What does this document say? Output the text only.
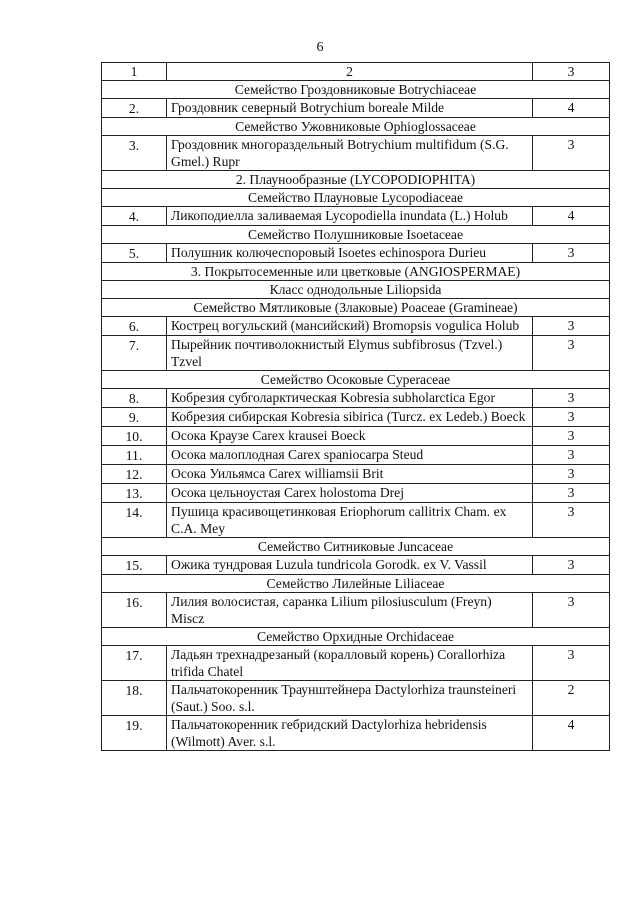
6
1	2	3
Семейство Гроздовниковые Botrychiaceae		
2.	Гроздовник северный Botrychium boreale Milde	4
Семейство Ужовниковые Ophioglossaceae		
3.	Гроздовник многораздельный Botrychium multifidum (S.G. Gmel.) Rupr	3
2. Плаунообразные (LYCOPODIOPHITA)		
Семейство Плауновые Lycopodiaceae		
4.	Ликоподиелла заливаемая Lycopodiella inundata (L.) Holub	4
Семейство Полушниковые Isoetaceae		
5.	Полушник колючеспоровый Isoetes echinospora Durieu	3
3. Покрытосеменные или цветковые (ANGIOSPERMAE)		
Класс однодольные Liliopsida		
Семейство Мятликовые (Злаковые) Poaceae (Gramineae)		
6.	Кострец вогульский (мансийский) Bromopsis vogulica Holub	3
7.	Пырейник почтиволокнистый Elymus subfibrosus (Tzvel.) Tzvel	3
Семейство Осоковые Cyperaceae		
8.	Кобрезия субголарктическая Kobresia subholarctica Egor	3
9.	Кобрезия сибирская Kobresia sibirica (Turcz. ex Ledeb.) Boeck	3
10.	Осока Краузе Carex krausei Boeck	3
11.	Осока малоплодная Carex spaniocarpa Steud	3
12.	Осока Уильямса Carex williamsii Brit	3
13.	Осока цельноустая Carex holostoma Drej	3
14.	Пушица красивощетинковая Eriophorum callitrix Cham. ex C.A. Mey	3
Семейство Ситниковые Juncaceae		
15.	Ожика тундровая Luzula tundricola Gorodk. ex V. Vassil	3
Семейство Лилейные Liliaceae		
16.	Лилия волосистая, саранка Lilium pilosiusculum (Freyn) Miscz	3
Семейство Орхидные Orchidaceae		
17.	Ладьян трехнадрезаный (коралловый корень) Corallorhiza trifida Chatel	3
18.	Пальчатокоренник Траунштейнера Dactylorhiza traunsteineri (Saut.) Soo. s.l.	2
19.	Пальчатокоренник гебридский Dactylorhiza hebridensis (Wilmott) Aver. s.l.	4
